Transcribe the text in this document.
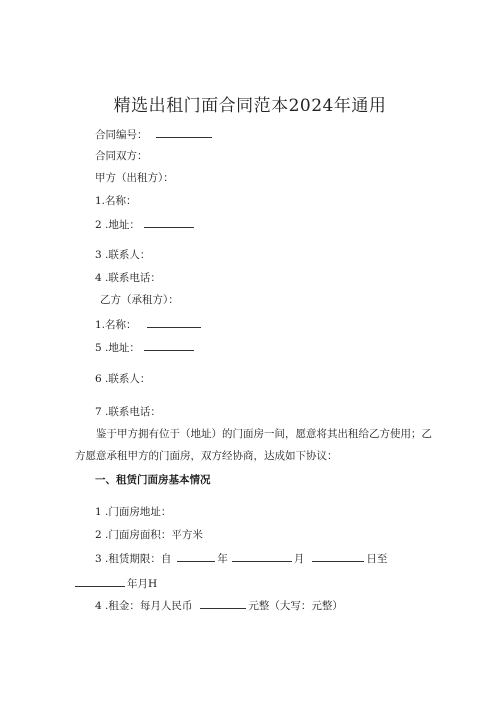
精选出租门面合同范本2024年通用
合同编号：
合同双方：
甲方（出租方）：
1.名称：
2 .地址：
3 .联系人：
4 .联系电话：
乙方（承租方）：
1.名称：
5 .地址：
6 .联系人：
7 .联系电话：
鉴于甲方拥有位于（地址）的门面房一间，愿意将其出租给乙方使用；乙方愿意承租甲方的门面房，双方经协商，达成如下协议：
一、租赁门面房基本情况
1 .门面房地址：
2 .门面房面积：平方米
3 .租赁期限：自	年	月	日至
年月H
4 .租金：每月人民币	元整（大写：元整）
